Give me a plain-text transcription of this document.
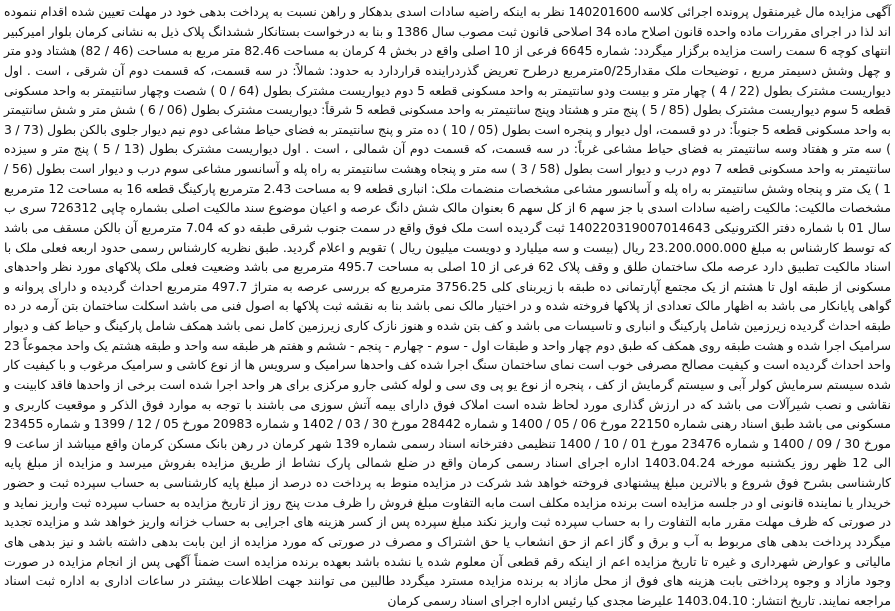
آگهی مزایده مال غیرمنقول پرونده اجرائی کلاسه 140201600 نظر به اینکه راضیه سادات اسدی بدهکار و راهن نسبت به پرداخت بدهی خود در مهلت تعیین شده اقدام ننموده اند لذا در اجرای مقررات ماده واحده قانون اصلاح ماده 34 اصلاحی قانون ثبت مصوب سال 1386 و بنا به درخواست بستانکار ششدانگ پلاک ذیل به نشانی کرمان بلوار امیرکبیر انتهای کوچه 6 سمت راست مزایده برگزار میگردد: شماره 6645 فرعی از 10 اصلی واقع در بخش 4 کرمان به مساحت 82.46 متر مربع به مساحت (46 / 82) هشتاد ودو متر و چهل وشش دسیمتر مربع ، توضیحات ملک مقدار0/25مترمربع درطرح تعریض گذردراینده قراردارد به حدود: شمالاً: در سه قسمت، که قسمت دوم آن شرقی ، است . اول دیواریست مشترک بطول (22 / 4 ) چهار متر و بیست ودو سانتیمتر به واحد مسکونی قطعه 5 دوم دیواریست مشترک بطول (64 / 0 ) شصت وچهار سانتیمتر به واحد مسکونی قطعه 5 سوم دیواریست مشترک بطول (85 / 5 ) پنج متر و هشتاد وپنج سانتیمتر به واحد مسکونی قطعه 5 شرقاً: دیواریست مشترک بطول (06 / 6 ) شش متر و شش سانتیمتر به واحد مسکونی قطعه 5 جنوباً: در دو قسمت، اول دیوار و پنجره است بطول (05 / 10 ) ده متر و پنج سانتیمتر به فضای حیاط مشاعی دوم نیم دیوار جلوی بالکن بطول (73 / 3 ) سه متر و هفتاد وسه سانتیمتر به فضای حیاط مشاعی غرباً: در سه قسمت، که قسمت دوم آن شمالی ، است . اول دیواریست مشترک بطول (13 / 5 ) پنج متر و سیزده سانتیمتر به واحد مسکونی قطعه 7 دوم درب و دیوار است بطول (58 / 3 ) سه متر و پنجاه وهشت سانتیمتر به راه پله و آسانسور مشاعی سوم درب و دیوار است بطول (56 / 1 ) یک متر و پنجاه وشش سانتیمتر به راه پله و آسانسور مشاعی مشخصات منضمات ملک: انباری قطعه 9 به مساحت 2.43 مترمربع پارکینگ قطعه 16 به مساحت 12 مترمربع مشخصات مالکیت: مالکیت راضیه سادات اسدی با جز سهم 6 از کل سهم 6 بعنوان مالک شش دانگ عرصه و اعیان موضوع سند مالکیت اصلی بشماره چاپی 726312 سری ب سال 01 با شماره دفتر الکترونیکی 140220319007014643 ثبت گردیده است ملک فوق واقع در سمت جنوب شرقی طبقه دو که 7.04 مترمربع آن بالکن مسقف می باشد که توسط کارشناس به مبلغ 23.200.000.000 ریال (بیست و سه میلیارد و دویست میلیون ریال ) تقویم و اعلام گردید. طبق نظریه کارشناس رسمی حدود اربعه فعلی ملک با اسناد مالکیت تطبیق دارد عرصه ملک ساختمان طلق و وقف پلاک 62 فرعی از 10 اصلی به مساحت 495.7 مترمربع می باشد وضعیت فعلی ملک پلاکهای مورد نظر واحدهای مسکونی از طبقه اول تا هشتم از یک مجتمع آپارتمانی ده طبقه با زیربنای کلی 3756.25 مترمربع که بررسی عرصه به متراژ 497.7 مترمربع احداث گردیده و دارای پروانه و گواهی پایانکار می باشد به اظهار مالک تعدادی از پلاکها فروخته شده و در اختیار مالک نمی باشد بنا به نقشه ثبت پلاکها به اصول فنی می باشد اسکلت ساختمان بتن آرمه در ده طبقه احداث گردیده زیرزمین شامل پارکینگ و انباری و تاسیسات می باشد و کف بتن شده و هنوز نازک کاری زیرزمین کامل نمی باشد همکف شامل پارکینگ و حیاط کف و دیوار سرامیک اجرا شده و هشت طبقه روی همکف که طبق دوم چهار واحد و طبقات اول - سوم - چهارم - پنجم - ششم و هفتم هر طبقه سه واحد و طبقه هشتم یک واحد مجموعاً 23 واحد احداث گردیده است و کیفیت مصالح مصرفی خوب است نمای ساختمان سنگ اجرا شده کف واحدها سرامیک و سرویس ها از نوع کاشی و سرامیک مرغوب و با کیفیت کار شده سیستم سرمایش کولر آبی و سیستم گرمایش از کف ، پنجره از نوع یو پی وی سی و لوله کشی جارو مرکزی برای هر واحد اجرا شده است برخی از واحدها فاقد کابینت و نقاشی و نصب شیرآلات می باشد که در ارزش گذاری مورد لحاظ شده است املاک فوق دارای بیمه آتش سوزی می باشند با توجه به موارد فوق الذکر و موقعیت کاربری و مسکونی می باشد طبق اسناد رهنی شماره 22150 مورخ 06 / 05 / 1400 و شماره 28442 مورخ 30 / 03 / 1402 و شماره 20983 مورخ 05 / 12 / 1399 و شماره 23455 مورخ 30 / 09 / 1400 و شماره 23476 مورخ 01 / 10 / 1400 تنظیمی دفترخانه اسناد رسمی شماره 139 شهر کرمان در رهن بانک مسکن کرمان واقع میباشد از ساعت 9 الی 12 ظهر روز یکشنبه مورخه 1403.04.24 اداره اجرای اسناد رسمی کرمان واقع در ضلع شمالی پارک نشاط از طریق مزایده بفروش میرسد و مزایده از مبلغ پایه کارشناسی بشرح فوق شروع و بالاترین مبلغ پیشنهادی فروخته خواهد شد شرکت در مزایده منوط به پرداخت ده درصد از مبلغ پایه کارشناسی به حساب سپرده ثبت و حضور خریدار یا نماینده قانونی او در جلسه مزایده است برنده مزایده مکلف است مابه التفاوت مبلغ فروش را ظرف مدت پنج روز از تاریخ مزایده به حساب سپرده ثبت واریز نماید و در صورتی که ظرف مهلت مقرر مابه التفاوت را به حساب سپرده ثبت واریز نکند مبلغ سپرده پس از کسر هزینه های اجرایی به حساب خزانه واریز خواهد شد و مزایده تجدید میگردد پرداخت بدهی های مربوط به آب و برق و گاز اعم از حق انشعاب یا حق اشتراک و مصرف در صورتی که مورد مزایده از این بابت بدهی داشته باشد و نیز بدهی های مالیاتی و عوارض شهرداری و غیره تا تاریخ مزایده اعم از اینکه رقم قطعی آن معلوم شده یا نشده باشد بعهده برنده مزایده است ضمناً آگهی پس از انجام مزایده در صورت وجود مازاد و وجوه پرداختی بابت هزینه های فوق از محل مازاد به برنده مزایده مسترد میگردد طالبین می توانند جهت اطلاعات بیشتر در ساعات اداری به اداره ثبت اسناد مراجعه نمایند. تاریخ انتشار: 1403.04.10 علیرضا مجدی کیا رئیس اداره اجرای اسناد رسمی کرمان
